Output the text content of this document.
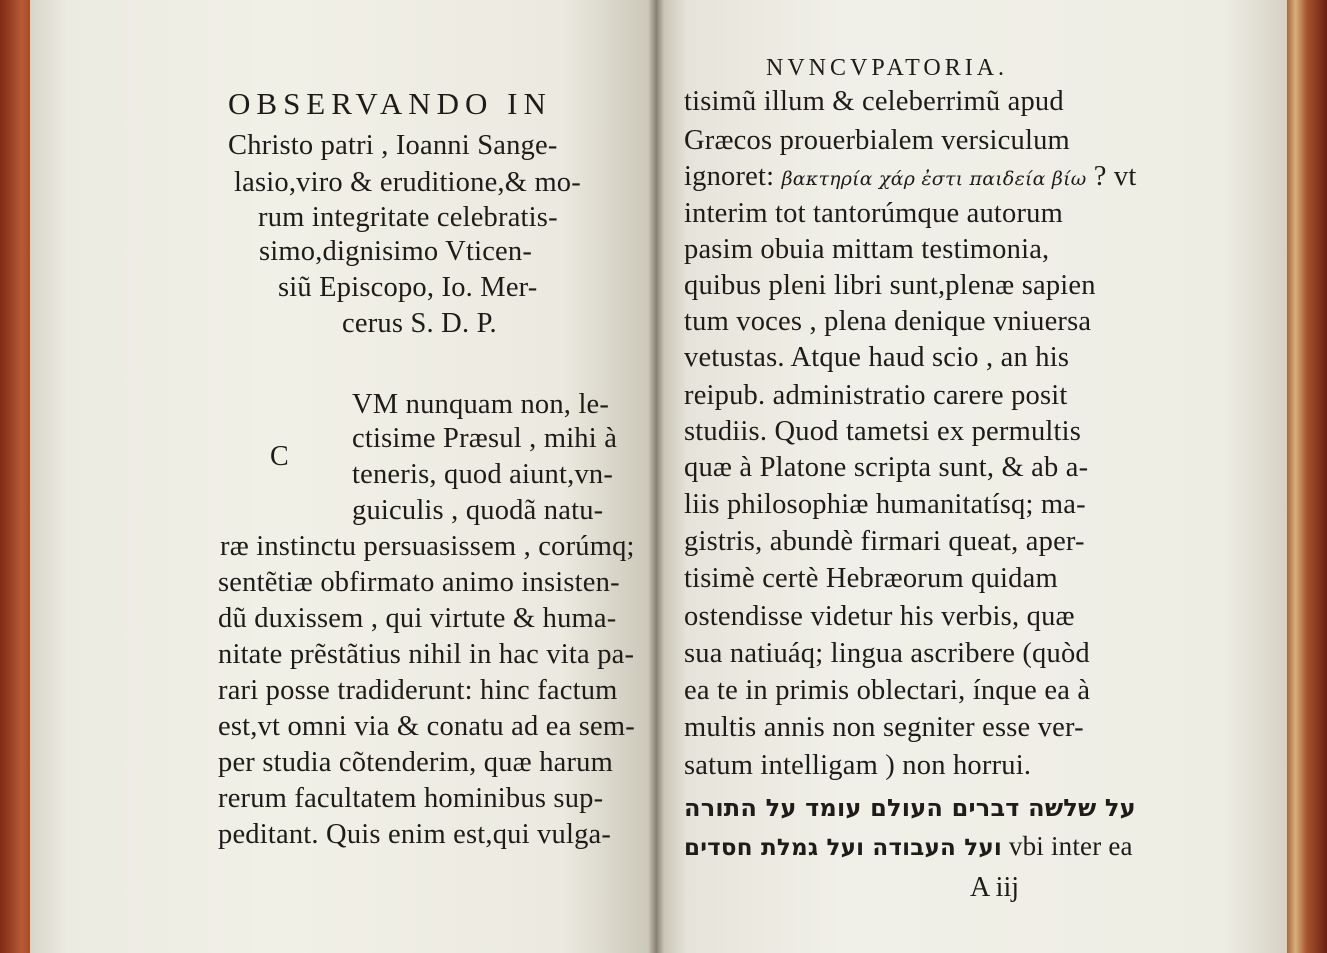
OBSERVANDO IN
Christo patri , Ioanni Sange-
lasio,viro & eruditione,& mo-
rum integritate celebratis-
simo,dignisimo Vticen-
siũ Episcopo, Io. Mer-
cerus S. D. P.
C
VM nunquam non, le-
ctisime Præsul , mihi à
teneris, quod aiunt,vn-
guiculis , quodã natu-
ræ instinctu persuasissem , corúmq;
sentẽtiæ obfirmato animo insisten-
dũ duxissem , qui virtute & huma-
nitate prẽstãtius nihil in hac vita pa-
rari posse tradiderunt: hinc factum
est,vt omni via & conatu ad ea sem-
per studia cõtenderim, quæ harum
rerum facultatem hominibus sup-
peditant. Quis enim est,qui vulga-
NVNCVPATORIA.
tisimũ illum & celeberrimũ apud
Græcos prouerbialem versiculum
ignoret: βακτηρία χάρ ἐστι παιδεία βίω ? vt
interim tot tantorúmque autorum
pasim obuia mittam testimonia,
quibus pleni libri sunt,plenæ sapien
tum voces , plena denique vniuersa
vetustas. Atque haud scio , an his
reipub. administratio carere posit
studiis. Quod tametsi ex permultis
quæ à Platone scripta sunt, & ab a-
liis philosophiæ humanitatísq; ma-
gistris, abundè firmari queat, aper-
tisimè certè Hebræorum quidam
ostendisse videtur his verbis, quæ
sua natiuáq; lingua ascribere (quòd
ea te in primis oblectari, ínque ea à
multis annis non segniter esse ver-
satum intelligam ) non horrui.
על שלשה דברים העולם עומד על התורה
ועל העבודה ועל גמלת חסדים vbi inter ea
A iij
